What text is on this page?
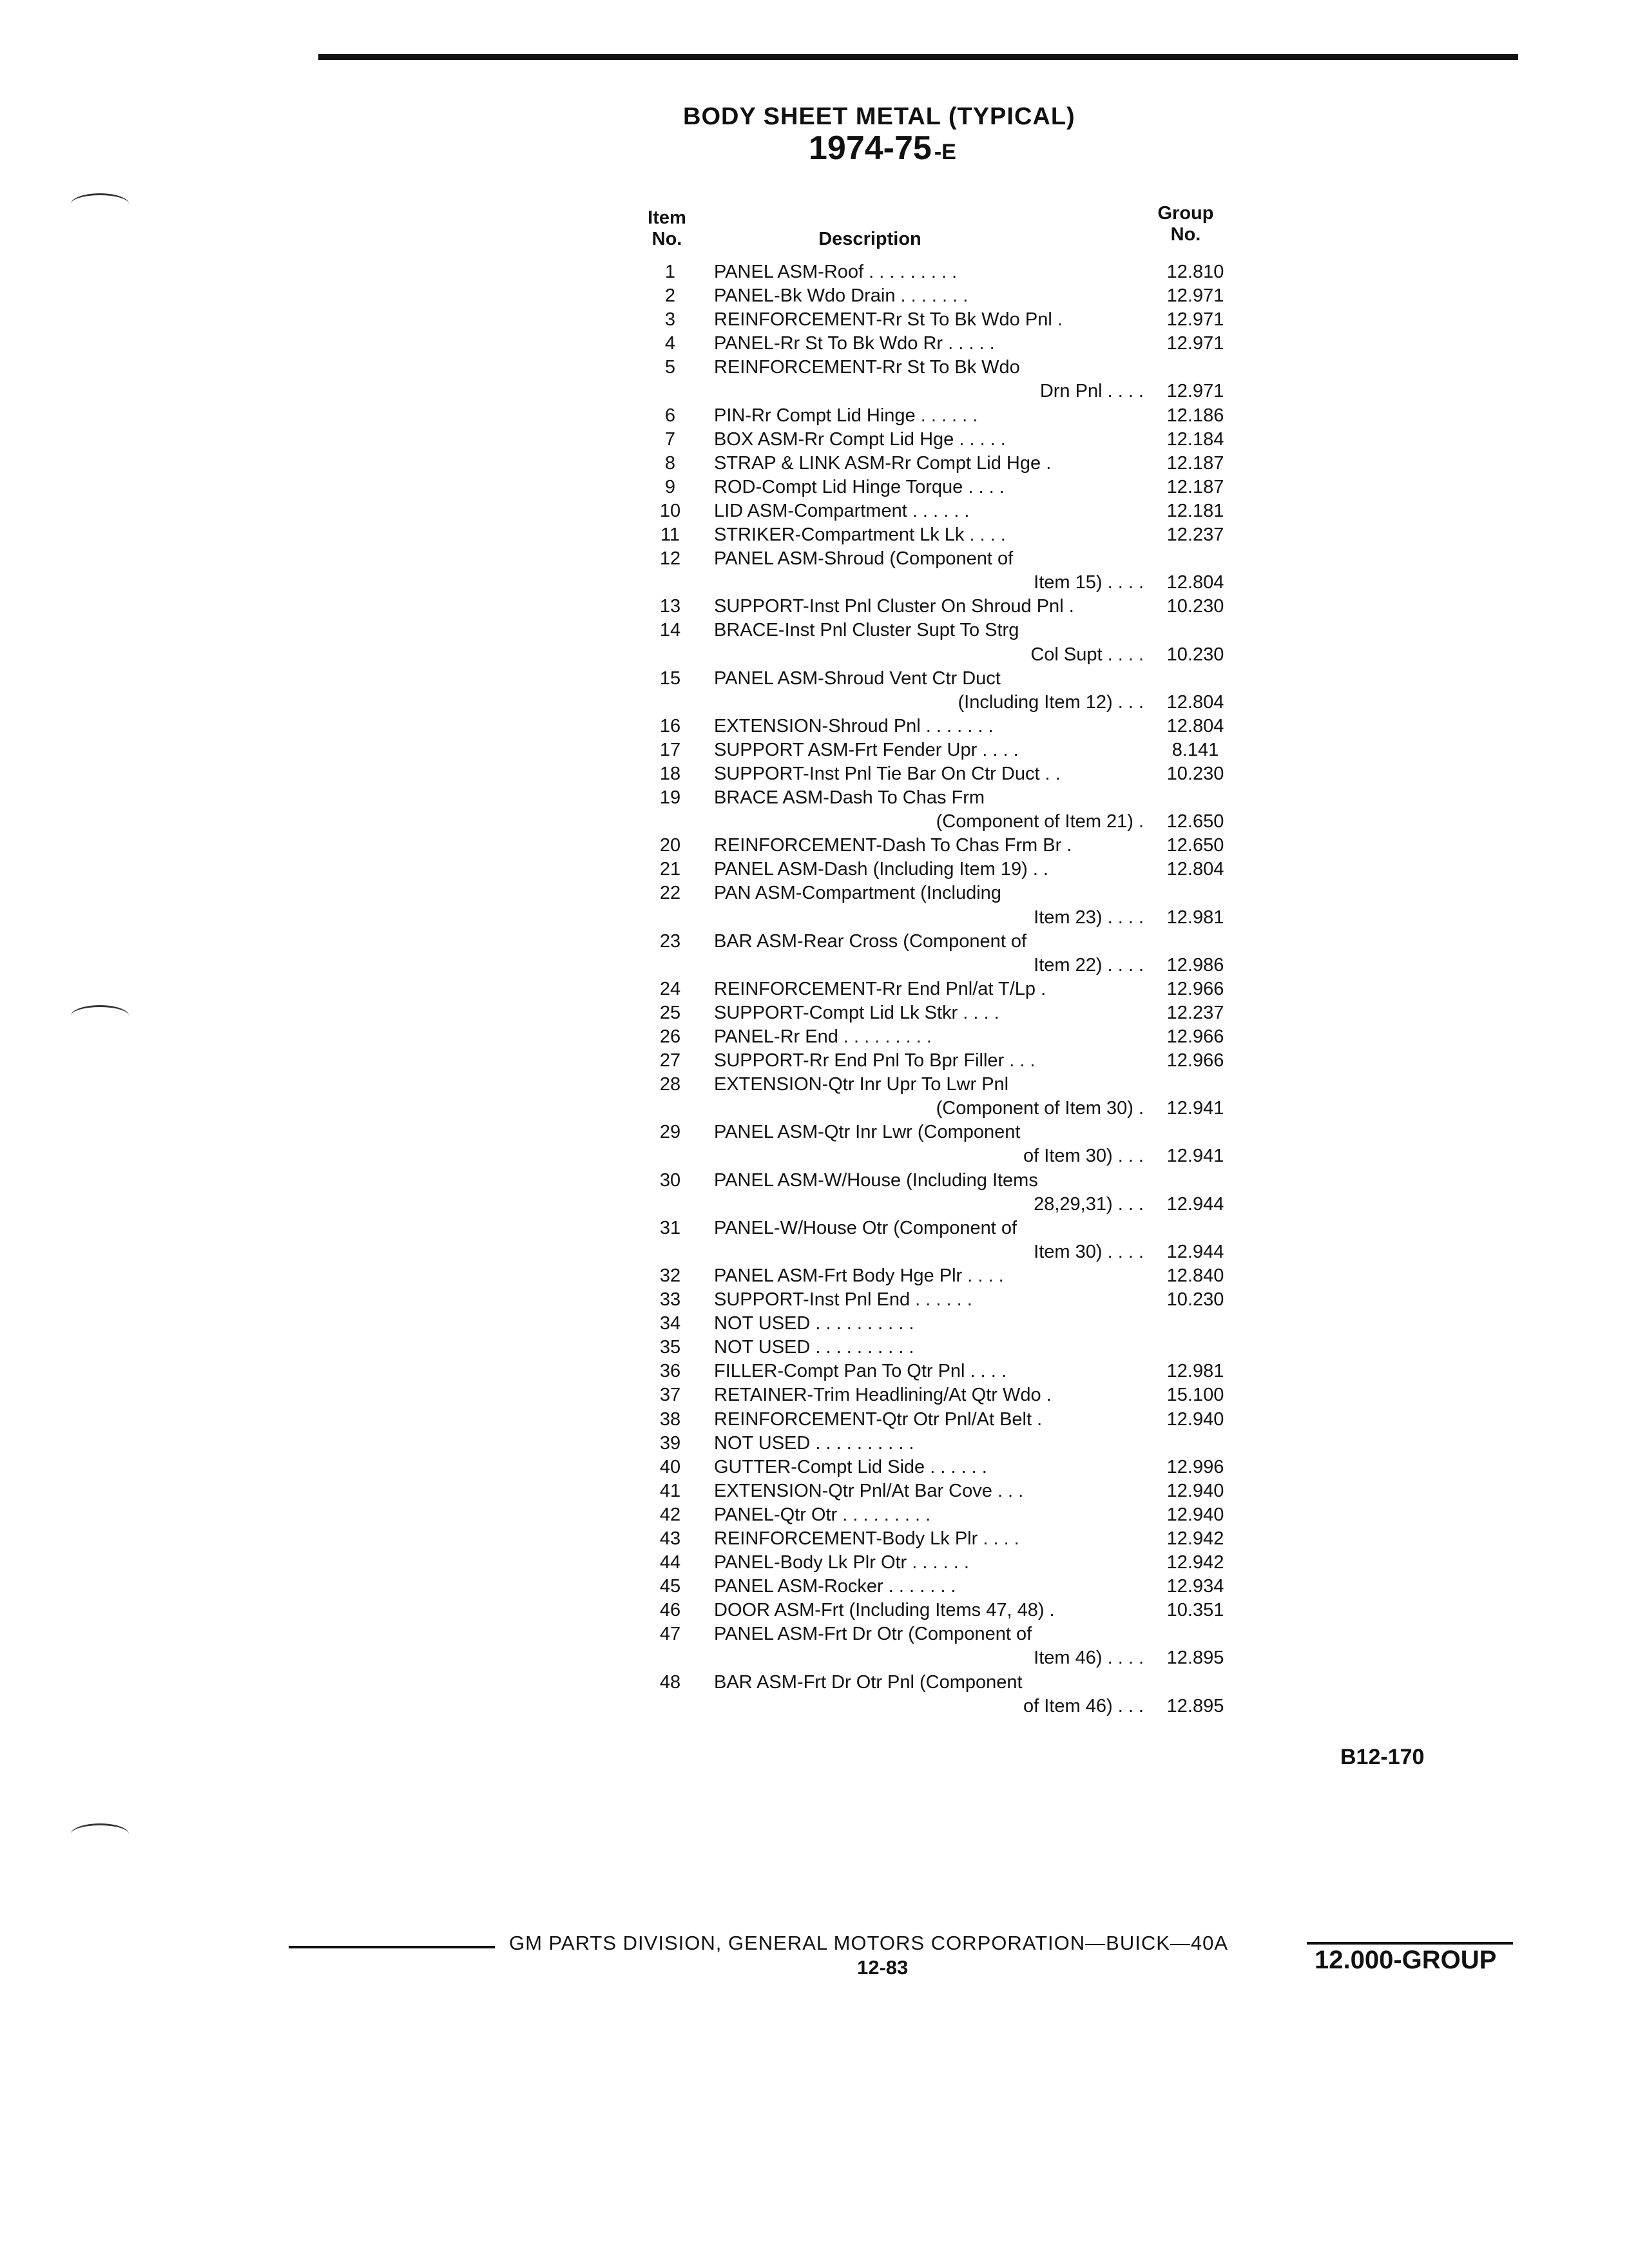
BODY SHEET METAL (TYPICAL)
1974-75 -E
Item
No.	Description
Group
No.
1	PANEL ASM-Roof . . . . . . . . .	12.810
2	PANEL-Bk Wdo Drain . . . . . . .	12.971
3	REINFORCEMENT-Rr St To Bk Wdo Pnl .	12.971
4	PANEL-Rr St To Bk Wdo Rr . . . . .	12.971
5	REINFORCEMENT-Rr St To Bk Wdo
Drn Pnl . . . .	12.971
6	PIN-Rr Compt Lid Hinge . . . . . .	12.186
7	BOX ASM-Rr Compt Lid Hge . . . . .	12.184
8	STRAP & LINK ASM-Rr Compt Lid Hge .	12.187
9	ROD-Compt Lid Hinge Torque . . . .	12.187
10	LID ASM-Compartment . . . . . .	12.181
11	STRIKER-Compartment Lk Lk . . . .	12.237
12	PANEL ASM-Shroud (Component of
Item 15) . . . .	12.804
13	SUPPORT-Inst Pnl Cluster On Shroud Pnl .	10.230
14	BRACE-Inst Pnl Cluster Supt To Strg
Col Supt . . . .	10.230
15	PANEL ASM-Shroud Vent Ctr Duct
(Including Item 12) . . .	12.804
16	EXTENSION-Shroud Pnl . . . . . . .	12.804
17	SUPPORT ASM-Frt Fender Upr . . . .	8.141
18	SUPPORT-Inst Pnl Tie Bar On Ctr Duct . .	10.230
19	BRACE ASM-Dash To Chas Frm
(Component of Item 21) .	12.650
20	REINFORCEMENT-Dash To Chas Frm Br .	12.650
21	PANEL ASM-Dash (Including Item 19) . .	12.804
22	PAN ASM-Compartment (Including
Item 23) . . . .	12.981
23	BAR ASM-Rear Cross (Component of
Item 22) . . . .	12.986
24	REINFORCEMENT-Rr End Pnl/at T/Lp .	12.966
25	SUPPORT-Compt Lid Lk Stkr . . . .	12.237
26	PANEL-Rr End . . . . . . . . .	12.966
27	SUPPORT-Rr End Pnl To Bpr Filler . . .	12.966
28	EXTENSION-Qtr Inr Upr To Lwr Pnl
(Component of Item 30) .	12.941
29	PANEL ASM-Qtr Inr Lwr (Component
of Item 30) . . .	12.941
30	PANEL ASM-W/House (Including Items
28,29,31) . . .	12.944
31	PANEL-W/House Otr (Component of
Item 30) . . . .	12.944
32	PANEL ASM-Frt Body Hge Plr . . . .	12.840
33	SUPPORT-Inst Pnl End . . . . . .	10.230
34	NOT USED . . . . . . . . . .
35	NOT USED . . . . . . . . . .
36	FILLER-Compt Pan To Qtr Pnl . . . .	12.981
37	RETAINER-Trim Headlining/At Qtr Wdo .	15.100
38	REINFORCEMENT-Qtr Otr Pnl/At Belt .	12.940
39	NOT USED . . . . . . . . . .
40	GUTTER-Compt Lid Side . . . . . .	12.996
41	EXTENSION-Qtr Pnl/At Bar Cove . . .	12.940
42	PANEL-Qtr Otr . . . . . . . . .	12.940
43	REINFORCEMENT-Body Lk Plr . . . .	12.942
44	PANEL-Body Lk Plr Otr . . . . . .	12.942
45	PANEL ASM-Rocker . . . . . . .	12.934
46	DOOR ASM-Frt (Including Items 47, 48) .	10.351
47	PANEL ASM-Frt Dr Otr (Component of
Item 46) . . . .	12.895
48	BAR ASM-Frt Dr Otr Pnl (Component
of Item 46) . . .	12.895
B12-170
GM PARTS DIVISION, GENERAL MOTORS CORPORATION—BUICK—40A
12-83	12.000-GROUP
